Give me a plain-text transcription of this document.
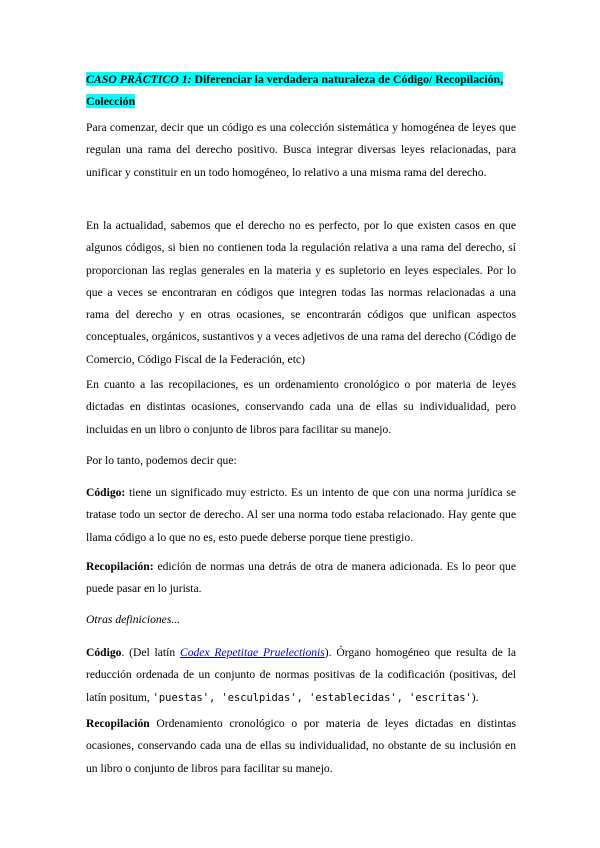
CASO PRÁCTICO 1: Diferenciar la verdadera naturaleza de Código/ Recopilación, Colección

Para comenzar, decir que un código es una colección sistemática y homogénea de leyes que regulan una rama del derecho positivo. Busca integrar diversas leyes relacionadas, para unificar y constituir en un todo homogéneo, lo relativo a una misma rama del derecho.

En la actualidad, sabemos que el derecho no es perfecto, por lo que existen casos en que algunos códigos, si bien no contienen toda la regulación relativa a una rama del derecho, sí proporcionan las reglas generales en la materia y es supletorio en leyes especiales. Por lo que a veces se encontraran en códigos que integren todas las normas relacionadas a una rama del derecho y en otras ocasiones, se encontrarán códigos que unifican aspectos conceptuales, orgánicos, sustantivos y a veces adjetivos de una rama del derecho (Código de Comercio, Código Fiscal de la Federación, etc)

En cuanto a las recopilaciones, es un ordenamiento cronológico o por materia de leyes dictadas en distintas ocasiones, conservando cada una de ellas su individualidad, pero incluidas en un libro o conjunto de libros para facilitar su manejo.

Por lo tanto, podemos decir que:

Código: tiene un significado muy estricto. Es un intento de que con una norma jurídica se tratase todo un sector de derecho. Al ser una norma todo estaba relacionado. Hay gente que llama código a lo que no es, esto puede deberse porque tiene prestigio.

Recopilación: edición de normas una detrás de otra de manera adicionada. Es lo peor que puede pasar en lo jurista.

Otras definiciones...

Código. (Del latín Codex Repetitae Pruelectionis). Órgano homogéneo que resulta de la reducción ordenada de un conjunto de normas positivas de la codificación (positivas, del latín positum, 'puestas', 'esculpidas', 'establecidas', 'escritas').

Recopilación Ordenamiento cronológico o por materia de leyes dictadas en distintas ocasiones, conservando cada una de ellas su individualidad, no obstante de su inclusión en un libro o conjunto de libros para facilitar su manejo.
